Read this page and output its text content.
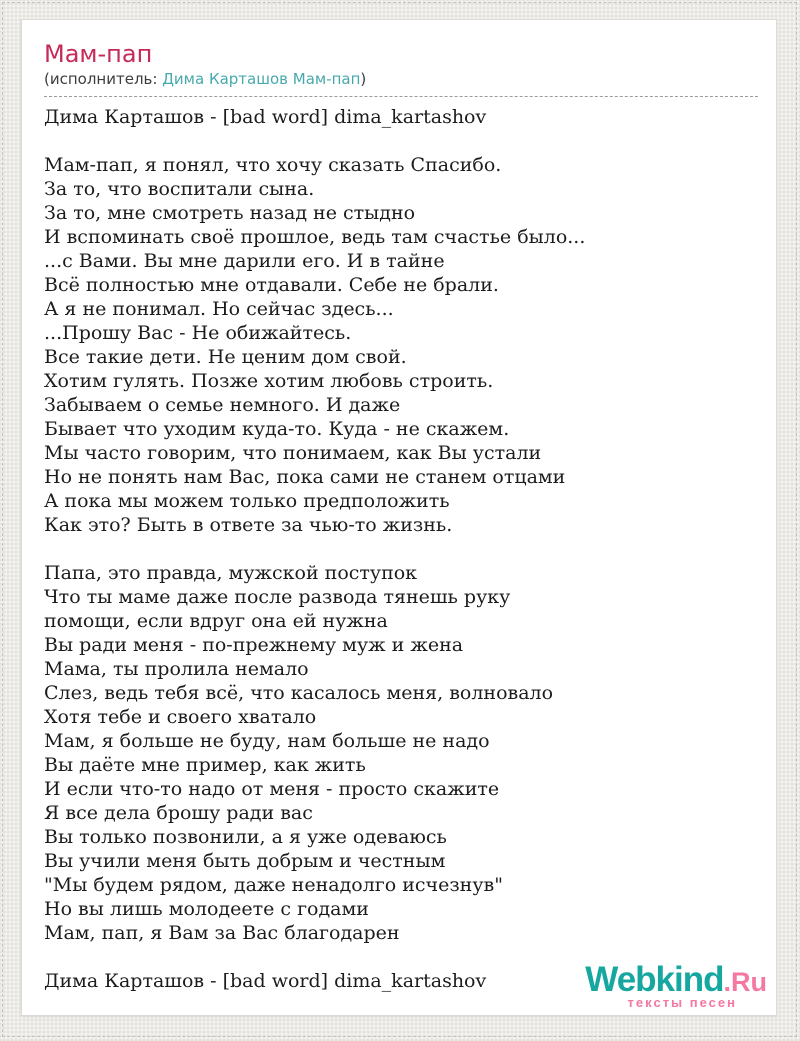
Мам-пап
(исполнитель: Дима Карташов Мам-пап)
Дима Карташов - [bad word] dima_kartashov

Мам-пап, я понял, что хочу сказать Спасибо.
За то, что воспитали сына.
За то, мне смотреть назад не стыдно
И вспоминать своё прошлое, ведь там счастье было...
...с Вами. Вы мне дарили его. И в тайне
Всё полностью мне отдавали. Себе не брали.
А я не понимал. Но сейчас здесь...
...Прошу Вас - Не обижайтесь.
Все такие дети. Не ценим дом свой.
Хотим гулять. Позже хотим любовь строить.
Забываем о семье немного. И даже
Бывает что уходим куда-то. Куда - не скажем.
Мы часто говорим, что понимаем, как Вы устали
Но не понять нам Вас, пока сами не станем отцами
А пока мы можем только предположить
Как это? Быть в ответе за чью-то жизнь.

Папа, это правда, мужской поступок
Что ты маме даже после развода тянешь руку
помощи, если вдруг она ей нужна
Вы ради меня - по-прежнему муж и жена
Мама, ты пролила немало
Слез, ведь тебя всё, что касалось меня, волновало
Хотя тебе и своего хватало
Мам, я больше не буду, нам больше не надо
Вы даёте мне пример, как жить
И если что-то надо от меня - просто скажите
Я все дела брошу ради вас
Вы только позвонили, а я уже одеваюсь
Вы учили меня быть добрым и честным
"Мы будем рядом, даже ненадолго исчезнув"
Но вы лишь молодеете с годами
Мам, пап, я Вам за Вас благодарен

Дима Карташов - [bad word] dima_kartashov	Webkind.Ru
тексты песен
